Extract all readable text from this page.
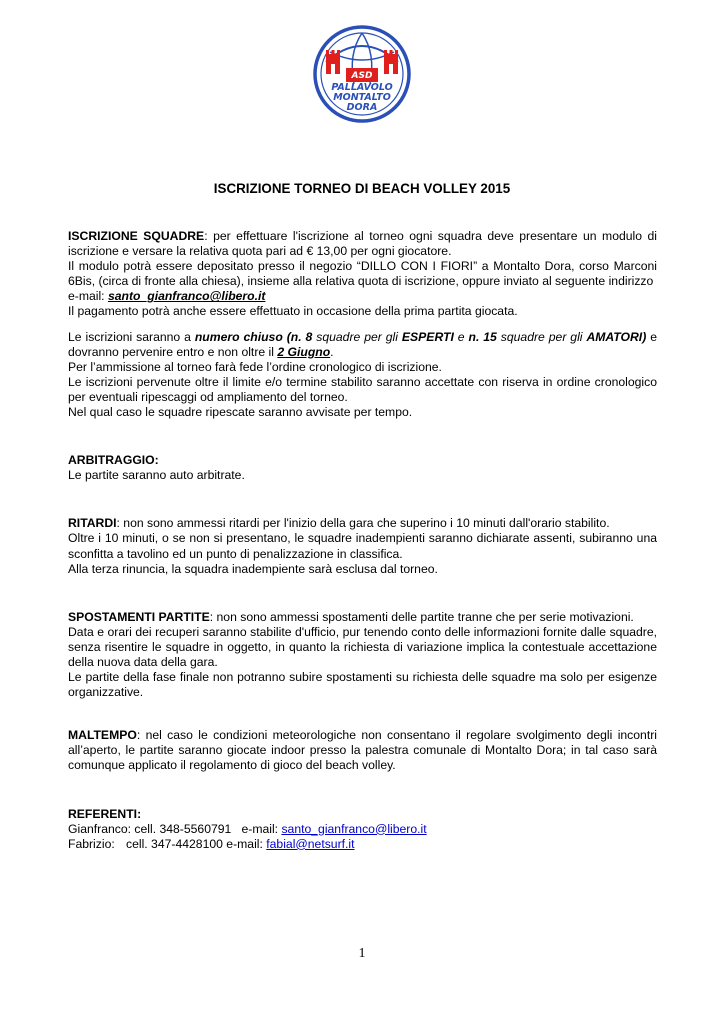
ASD
PALLAVOLO
MONTALTO
DORA
ISCRIZIONE TORNEO DI BEACH VOLLEY 2015

ISCRIZIONE SQUADRE: per effettuare l'iscrizione al torneo ogni squadra deve presentare un modulo di iscrizione e versare la relativa quota pari ad € 13,00 per ogni giocatore.

Il modulo potrà essere depositato presso il negozio “DILLO CON I FIORI” a Montalto Dora, corso Marconi 6Bis, (circa di fronte alla chiesa), insieme alla relativa quota di iscrizione, oppure inviato al seguente indirizzo

e-mail: santo_gianfranco@libero.it

Il pagamento potrà anche essere effettuato in occasione della prima partita giocata.

Le iscrizioni saranno a numero chiuso (n. 8 squadre per gli ESPERTI e n. 15 squadre per gli AMATORI) e dovranno pervenire entro e non oltre il 2 Giugno.

Per l’ammissione al torneo farà fede l’ordine cronologico di iscrizione.

Le iscrizioni pervenute oltre il limite e/o termine stabilito saranno accettate con riserva in ordine cronologico per eventuali ripescaggi od ampliamento del torneo.

Nel qual caso le squadre ripescate saranno avvisate per tempo.

ARBITRAGGIO:

Le partite saranno auto arbitrate.

RITARDI: non sono ammessi ritardi per l'inizio della gara che superino i 10 minuti dall'orario stabilito.

Oltre i 10 minuti, o se non si presentano, le squadre inadempienti saranno dichiarate assenti, subiranno una sconfitta a tavolino ed un punto di penalizzazione in classifica.

Alla terza rinuncia, la squadra inadempiente sarà esclusa dal torneo.

SPOSTAMENTI PARTITE: non sono ammessi spostamenti delle partite tranne che per serie motivazioni.

Data e orari dei recuperi saranno stabilite d'ufficio, pur tenendo conto delle informazioni fornite dalle squadre, senza risentire le squadre in oggetto, in quanto la richiesta di variazione implica la contestuale accettazione della nuova data della gara.

Le partite della fase finale non potranno subire spostamenti su richiesta delle squadre ma solo per esigenze organizzative.

MALTEMPO: nel caso le condizioni meteorologiche non consentano il regolare svolgimento degli incontri all’aperto, le partite saranno giocate indoor presso la palestra comunale di Montalto Dora; in tal caso sarà comunque applicato il regolamento di gioco del beach volley.

REFERENTI:

Gianfranco: cell. 348-5560791 e-mail: santo_gianfranco@libero.it

Fabrizio: cell. 347-4428100 e-mail: fabial@netsurf.it

1
